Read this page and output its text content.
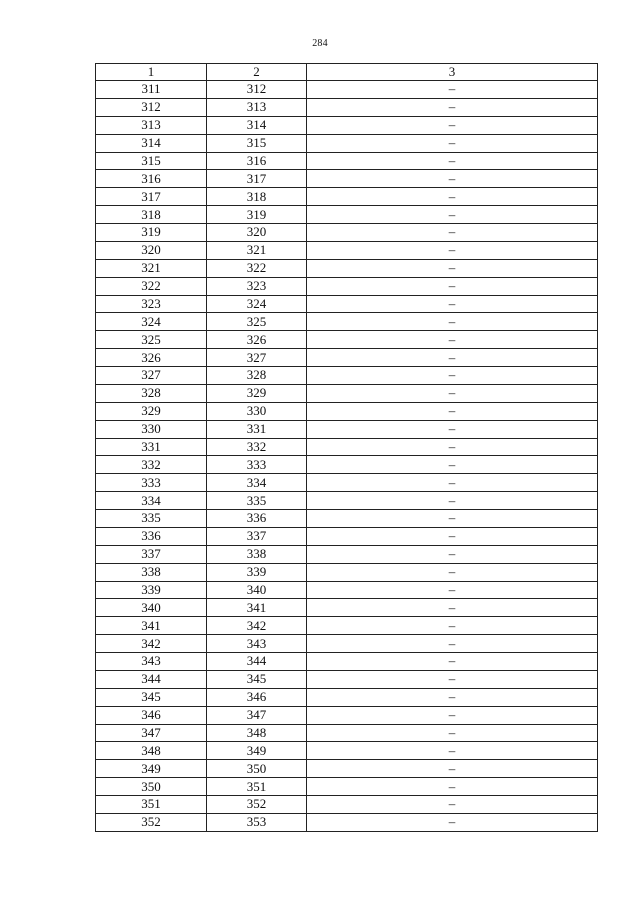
284
1	2	3
311	312	–
312	313	–
313	314	–
314	315	–
315	316	–
316	317	–
317	318	–
318	319	–
319	320	–
320	321	–
321	322	–
322	323	–
323	324	–
324	325	–
325	326	–
326	327	–
327	328	–
328	329	–
329	330	–
330	331	–
331	332	–
332	333	–
333	334	–
334	335	–
335	336	–
336	337	–
337	338	–
338	339	–
339	340	–
340	341	–
341	342	–
342	343	–
343	344	–
344	345	–
345	346	–
346	347	–
347	348	–
348	349	–
349	350	–
350	351	–
351	352	–
352	353	–
